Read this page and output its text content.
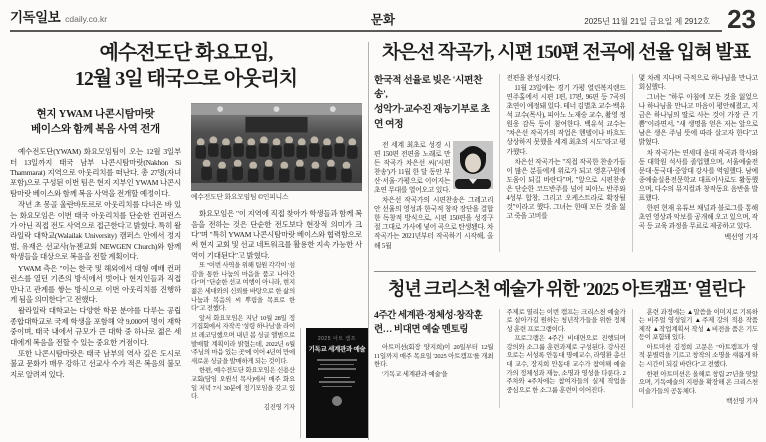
기독일보 cdaily.co.kr	문화	2025년 11월 21일 금요일 제 2912호 23
예수전도단 화요모임,
12월 3일 태국으로 아웃리치
현지 YWAM 나콘시탐마랏
베이스와 함께 복음 사역 전개

예수전도단(YWAM) 화요모임팀이 오는 12월 3일부터 13일까지 태국 남부 나콘시탐마랏(Nakhon Si Thammarat) 지역으로 아웃리치를 떠난다. 총 27명(자녀 포함)으로 구성된 이번 팀은 현지 지부인 YWAM 나콘시탐마랏 베이스와 함께 복음 사역을 전개할 예정이다.

작년 초 몽골 울란바토르로 아웃리치를 다녀온 바 있는 화요모임은 이번 태국 아웃리치를 단순한 컨퍼런스가 아닌 직접 전도 사역으로 접근한다고 밝혔다. 특히 왈라일락 대학교(Walailak University) 캠퍼스 안에서 정지범, 유재은 선교사(뉴젠교회 NEWGEN Church)와 함께 학생들을 대상으로 복음을 전할 계획이다.

YWAM 측은 "이는 한국 및 해외에서 대형 예배 컨퍼런스를 열던 기존의 방식에서 벗어나 현지인들과 직접 만나고 관계를 쌓는 방식으로 이번 아웃리치를 진행하게 됨을 의미한다"고 전했다.

왈라일락 대학교는 다양한 학문 분야를 다루는 공립 종합대학교로 국제 학생을 포함해 약 9,000여 명이 재학 중이며, 태국 내에서 규모가 큰 대학 중 하나로 젊은 세대에게 복음을 전할 수 있는 중요한 거점이다.

또한 나콘시탐마랏은 태국 남부의 역사 깊은 도시로 불교 문화가 매우 강하고 선교사 수가 적은 복음의 불모지로 알려져 있다.

예수전도단 화요모임팀 ©인피니스

화요모임은 "이 지역에 직접 찾아가 학생들과 함께 복음을 전하는 것은 단순한 전도보다 현장적 의미가 크다"며 "특히 YWAM 나콘시탐마랏 베이스와 협력함으로써 현지 교회 및 선교 네트워크를 활용한 지속 가능한 사역이 기대된다"고 밝혔다.

또 "이번 사역을 위해 팀원 각각이 '섬김'을 통한 나눔의 마음을 품고 나아간다"며 "단순한 선교 여행이 아니라, 현지 젊은 세대와의 신뢰를 바탕으로 한 삶의 나눔과 복음의 씨 뿌림을 목표로 한다"고 전했다.

앞서 화요모임은 지난 10월 28일 정기집회에서 자작곡 '성령 하나님'을 라이브 레코딩했으며 내년 봄 싱글 앨범으로 발매할 계획이라 밝혔는데, 2022년 6월 '주님의 마음 있는 곳'에 이어 4년여 만에 새로운 싱글을 발매하게 되는 것이다.

한편, 예수전도단 화요모임은 신용산교회(담임 오원석 목사)에서 매주 화요일 저녁 7시 30분에 정기모임을 갖고 있다.

김진영 기자

차은선 작곡가, 시편 150편 전곡에 선율 입혀 발표
한국적 선율로 빚은 '시편찬송',
성악가·교수진 재능기부로 초연 여정

전 세계 최초로 성경 시편 150편 전편을 노래로 만든 작곡가 차은선 씨('시편찬송')가 11월 한 달 동안 부산·서울·가평으로 이어지는 초연 무대를 열어오고 있다.

차은선 작곡가의 시편찬송은 그레고리안 선율의 영성과 한국적 창작 장단을 결합한 독창적 방식으로, 시편 150편을 성경구절 그대로 가사에 넣어 곡으로 탄생됐다. 차 작곡가는 2021년부터 작곡하기 시작해, 올해 5월

전편을 완성시켰다.

11월 23일에는 경기 가평 열린복지랜드 연주홀에서 시편 1편, 17편, 96편 등 7곡의 초연이 예정돼 있다. 테너 김별초 교수·백유석 교수(목사), 피아노 노재승 교수, 촬영 정원웅 감독 등이 참여한다. 백유석 교수는 "차은선 작곡가의 작업은 헨델이나 바흐도 상상하지 못했을 세계 최초의 시도"라고 평가했다.

차은선 작곡가는 "직접 작곡한 찬송가들이 많은 분들에게 위로가 되고 영혼구원에 도움이 되길 바란다"며, "앞으로 시편찬송은 단순한 코드반주를 넘어 피아노 반주와 4성부 합창, 그리고 오케스트라로 확장될 것"이라고 했다. 그녀는 한때 모든 것을 잃고 죽을 고비를

몇 차례 지나며 극적으로 하나님을 만나고 회심했다.

그녀는 "하루 아침에 모든 것을 잃었으나 하나님을 만나고 마음이 평안해졌고, 지금은 하나님의 딸로 사는 것이 가장 큰 기쁨"이라면서, "새 생명을 얻은 저는 앞으로 남은 생은 주님 뜻에 따라 살고자 한다"고 밝혔다.

차 작곡가는 연세대 음대 작곡과 학사와 동 대학원 석사를 졸업했으며, 서울예술전문대·동국대·중앙대 강사를 역임했다. 남예종예술실용전문학교 대표이사로도 활동했으며, 다수의 뮤지컬과 창작동요 음반을 발표했다.

한편 현재 유튜브 채널과 블로그를 통해 초연 영상과 악보를 공개해 오고 있으며, 작곡 등 교육 과정을 무료로 제공하고 있다.

백선영 기자

청년 크리스천 예술가 위한 '2025 아트캠프' 열린다
4주간 세계관·정체성·창작훈련… 비대면 예술 멘토링

아트미션(회장 양지희)이 20일부터 12월 11일까지 매주 목요일 '2025 아트캠프'를 개최한다.

'기독교 세계관과 예술'을

주제로 열리는 이번 캠프는 크리스천 예술가로 살아가길 원하는 청년작가들을 위한 정체성 훈련 프로그램이다.

프로그램은 4주간 비대면으로 진행되며 강의와 소그룹 훈련과제로 구성된다. 강사진으로는 서성록 안동대 명예교수, 라영환 총신대 교수, 장지희 안동대 교수가 참여해 예술가의 정체성과 재능, 소명과 영성을 다룬다. 2주차와 4주차에는 참여자들의 실제 작업을 중심으로 한 소그룹 훈련이 이어진다.

훈련 과정에는 ▲말씀을 이미지로 기록하는 비주얼 영성일기 ▲주제 강의 적용 작품 제작 ▲작업계획서 작성 ▲비전을 품은 기도 등이 포함돼 있다.

아트미션 김정희 고문은 "아트캠프가 영적 분별력을 기르고 창작의 소명을 새롭게 하는 시간이 되길 바란다"고 전했다.

한편 아트미션은 올해로 창립 27년을 맞았으며, 기독예술의 지평을 확장해 온 크리스천 미술가들의 공동체다.

백선영 기자

2025 아트 캠프
기독교 세계관과 예술
